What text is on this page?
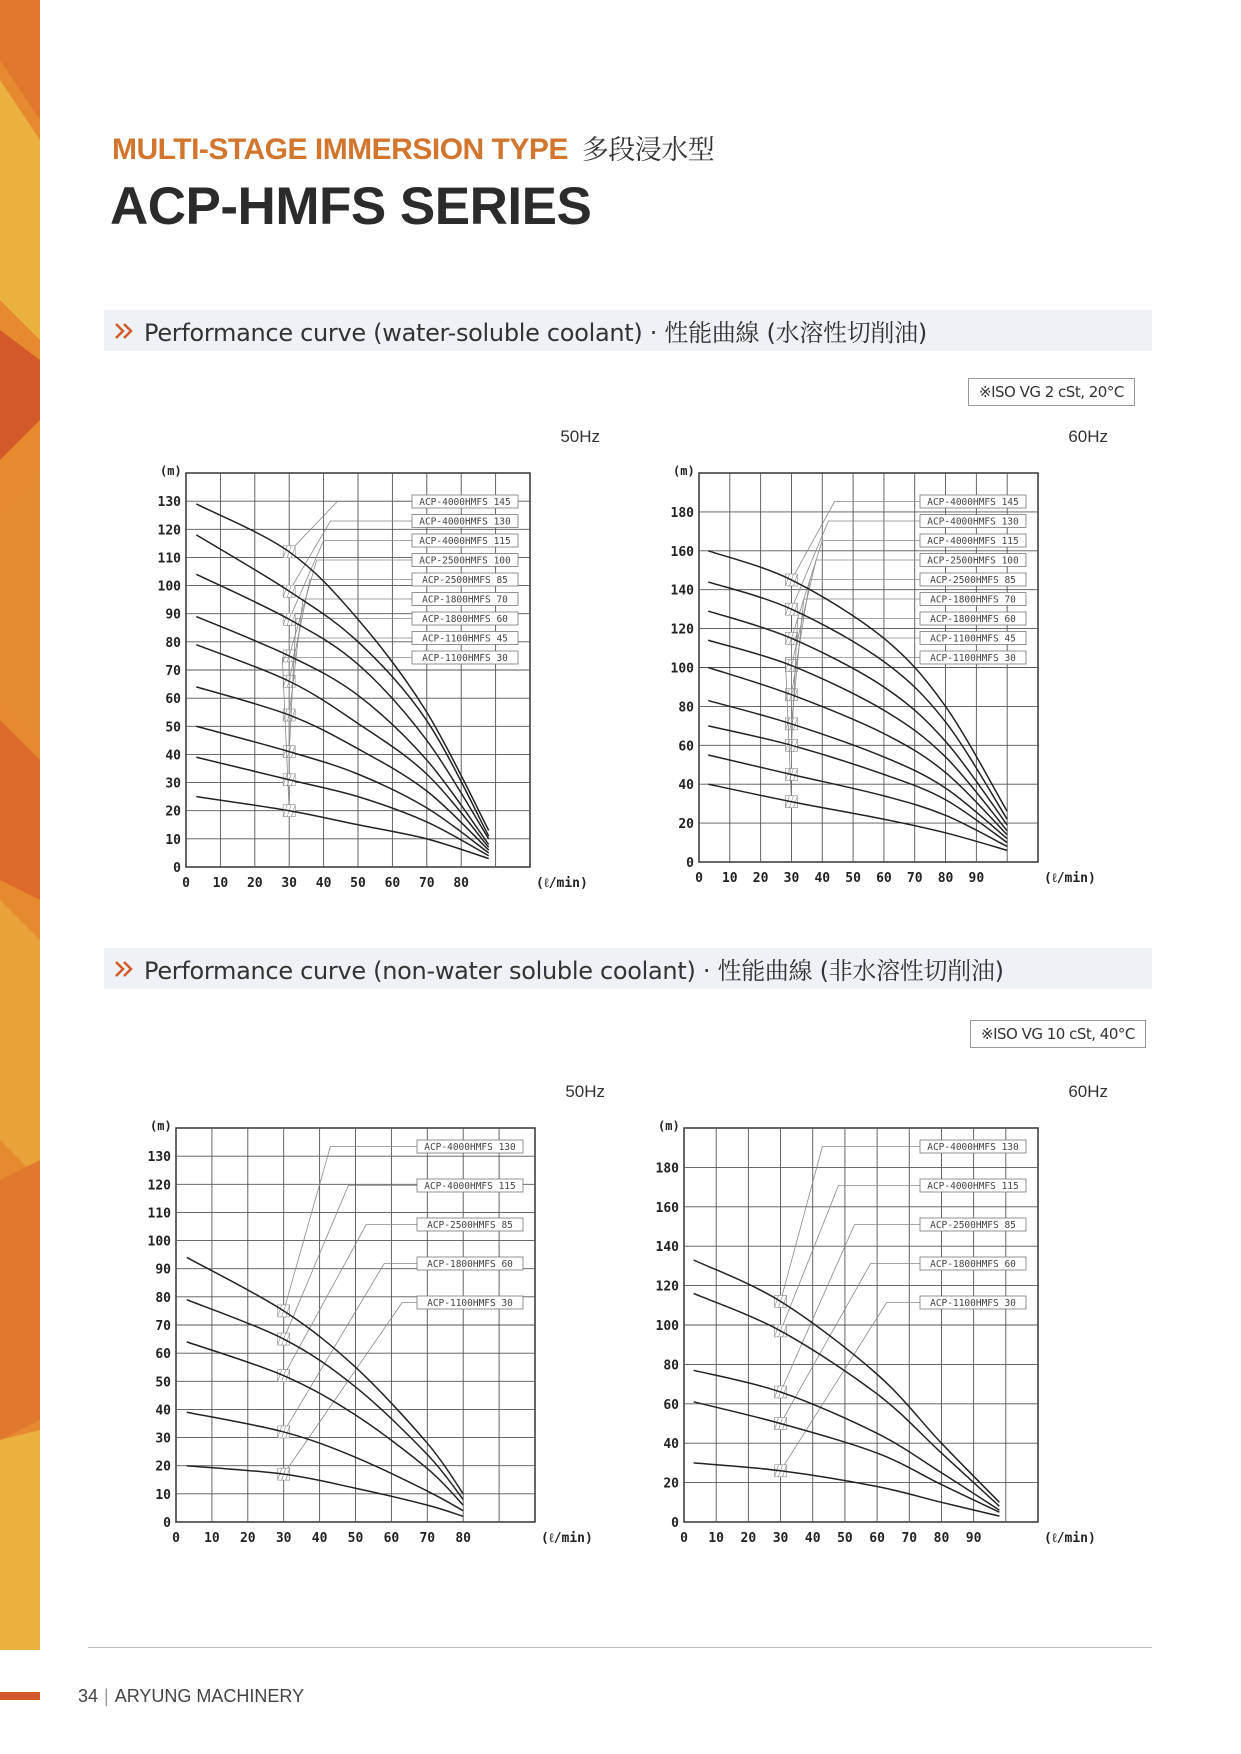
MULTI-STAGE IMMERSION TYPE 多段浸水型
ACP-HMFS SERIES
Performance curve (water-soluble coolant) · 性能曲線 (水溶性切削油)
※ISO VG 2 cSt, 20°C
0
10
20
30
40
50
60
70
80
90
100
110
120
130
0 10 20 30 40 50 60 70 80
(m)
(ℓ/min)
ACP-4000HMFS 145
ACP-4000HMFS 130
ACP-4000HMFS 115
ACP-2500HMFS 100
ACP-2500HMFS 85
ACP-1800HMFS 70
ACP-1800HMFS 60
ACP-1100HMFS 45
ACP-1100HMFS 30
50Hz
0
20
40
60
80
100
120
140
160
180
0 10 20 30 40 50 60 70 80 90
(m)
(ℓ/min)
ACP-4000HMFS 145
ACP-4000HMFS 130
ACP-4000HMFS 115
ACP-2500HMFS 100
ACP-2500HMFS 85
ACP-1800HMFS 70
ACP-1800HMFS 60
ACP-1100HMFS 45
ACP-1100HMFS 30
60Hz
Performance curve (non-water soluble coolant) · 性能曲線 (非水溶性切削油)
※ISO VG 10 cSt, 40°C
0
10
20
30
40
50
60
70
80
90
100
110
120
130
0 10 20 30 40 50 60 70 80
(m)
(ℓ/min)
ACP-4000HMFS 130
ACP-4000HMFS 115
ACP-2500HMFS 85
ACP-1800HMFS 60
ACP-1100HMFS 30
50Hz
0
20
40
60
80
100
120
140
160
180
0 10 20 30 40 50 60 70 80 90
(m)
(ℓ/min)
ACP-4000HMFS 130
ACP-4000HMFS 115
ACP-2500HMFS 85
ACP-1800HMFS 60
ACP-1100HMFS 30
60Hz
34 | ARYUNG MACHINERY
